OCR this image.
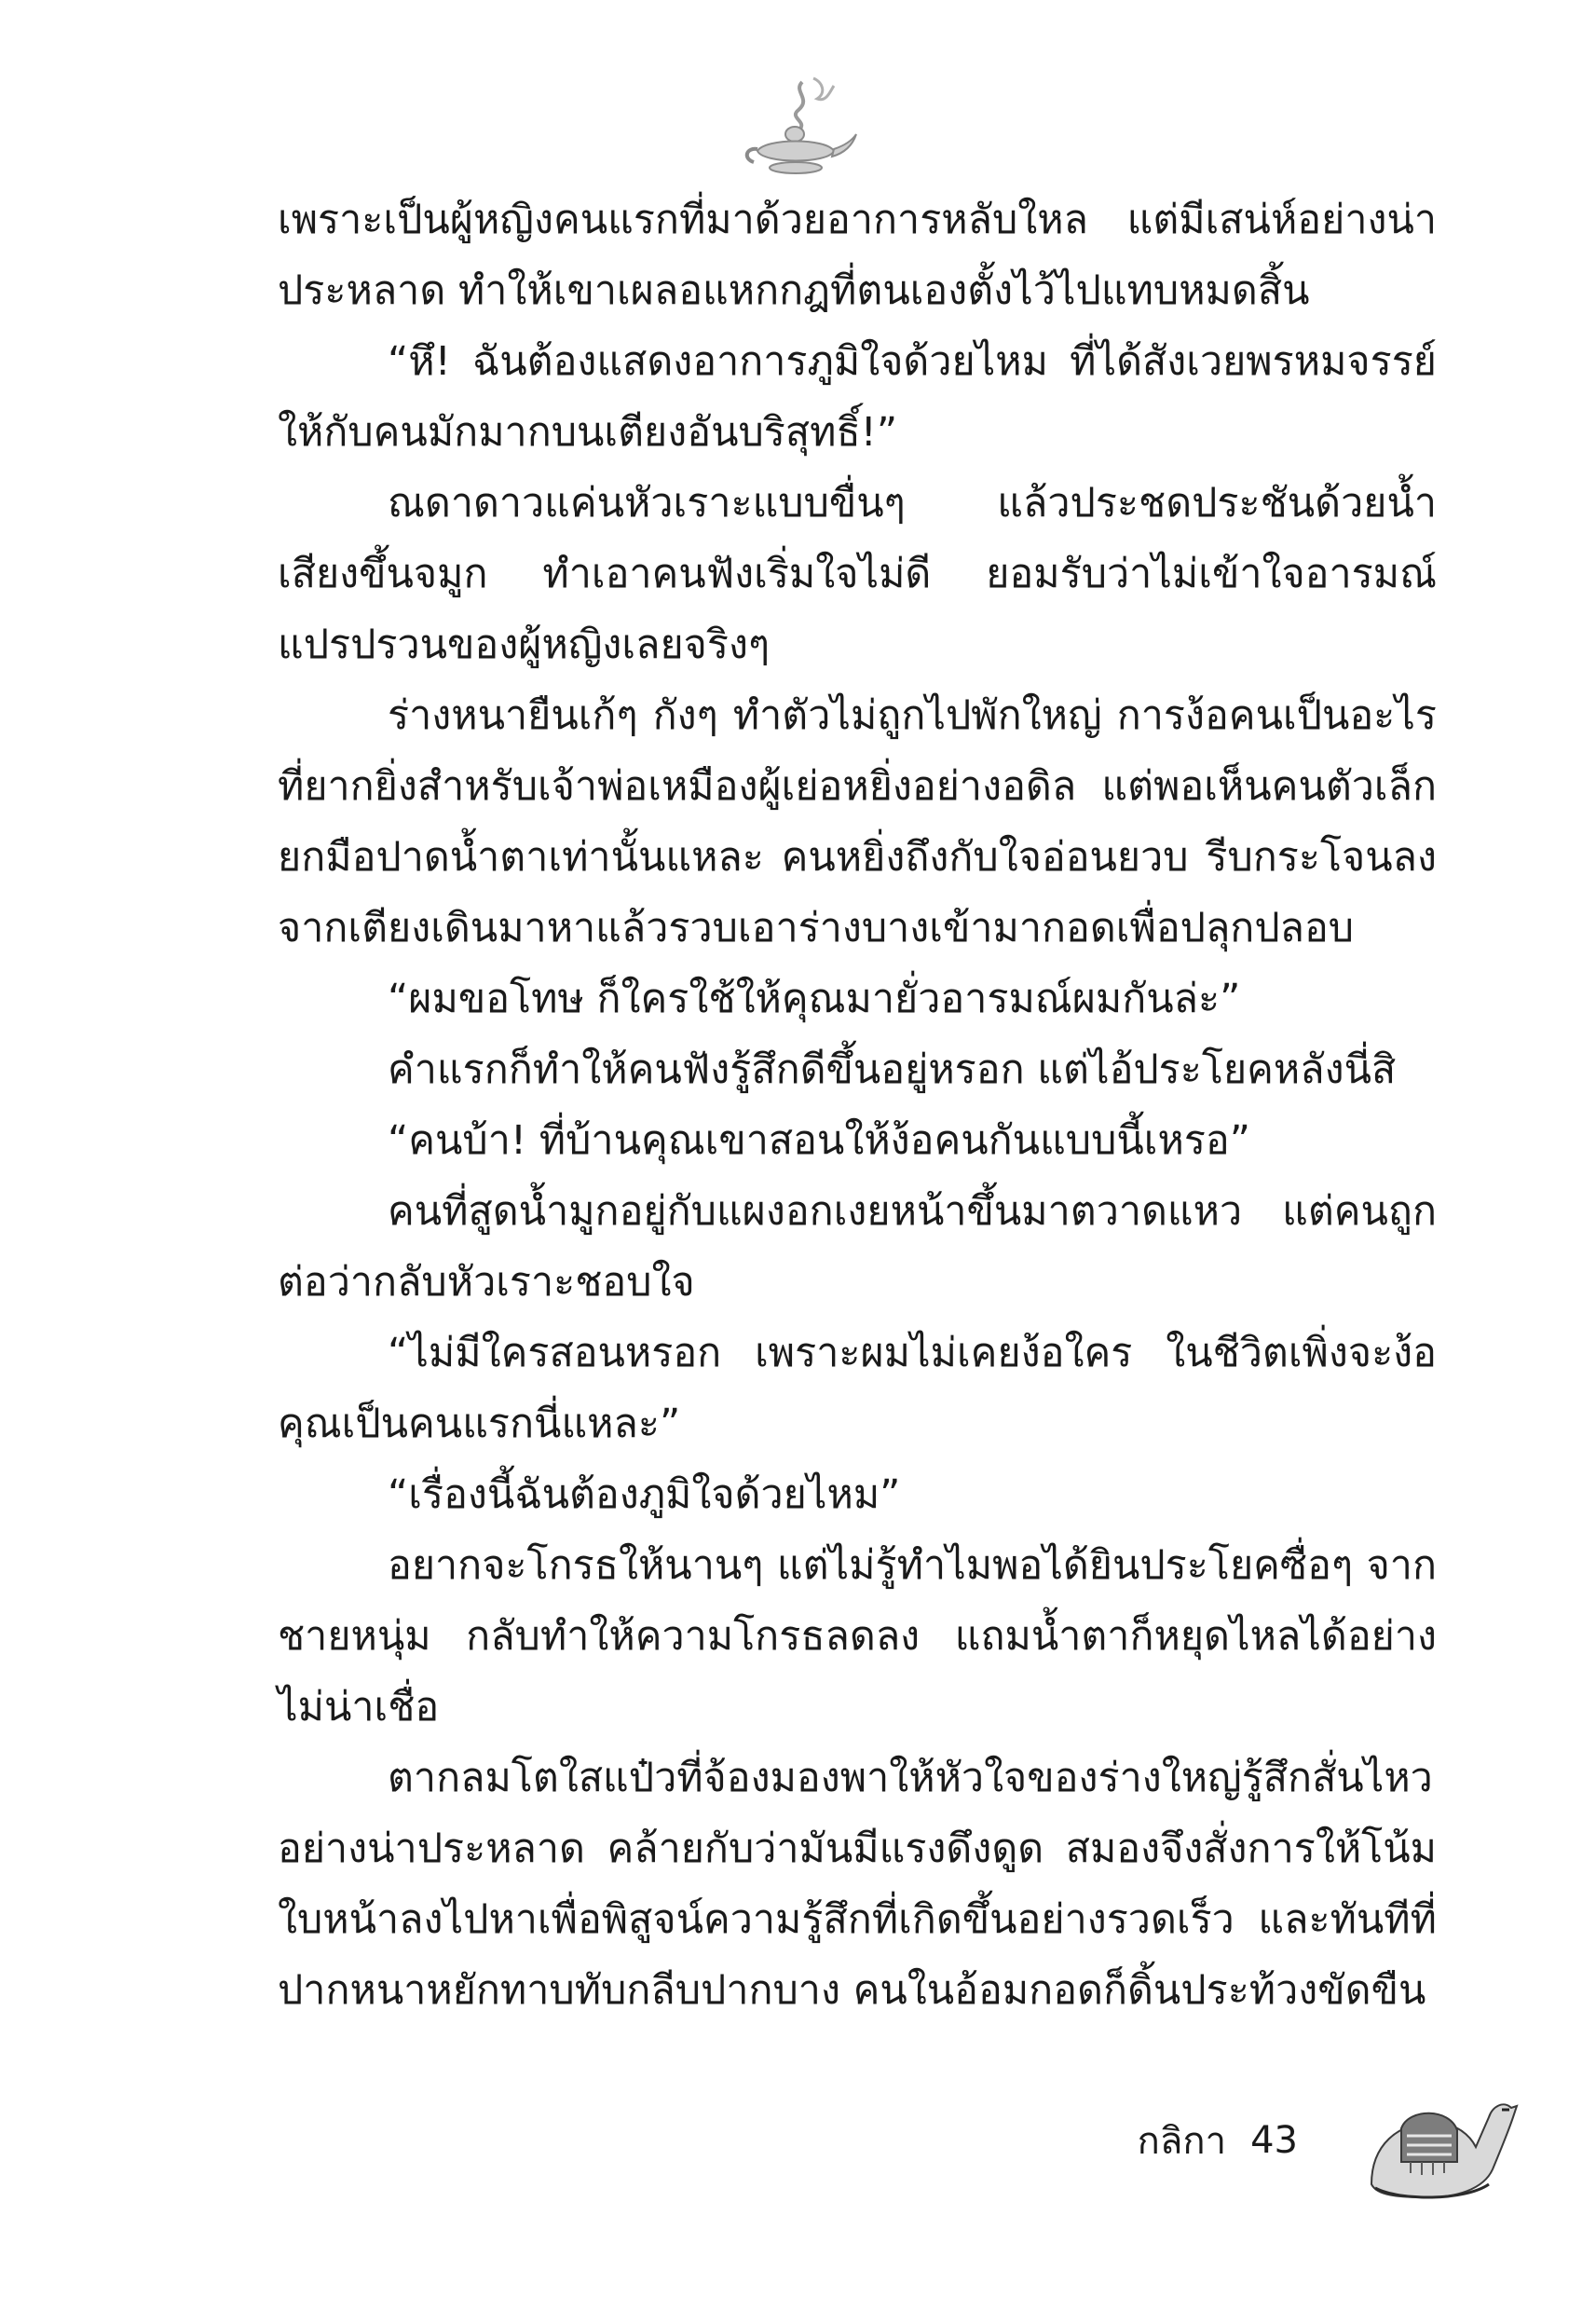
เพราะเป็นผู้หญิงคนแรกที่มาด้วยอาการหลับใหล แต่มีเสน่ห์อย่างน่าประหลาด ทำให้เขาเผลอแหกกฎที่ตนเองตั้งไว้ไปแทบหมดสิ้น

“หึ! ฉันต้องแสดงอาการภูมิใจด้วยไหม ที่ได้สังเวยพรหมจรรย์ให้กับคนมักมากบนเตียงอันบริสุทธิ์!”

ณดาดาวแค่นหัวเราะแบบขื่นๆ แล้วประชดประชันด้วยน้ำเสียงขึ้นจมูก ทำเอาคนฟังเริ่มใจไม่ดี ยอมรับว่าไม่เข้าใจอารมณ์แปรปรวนของผู้หญิงเลยจริงๆ

ร่างหนายืนเก้ๆ กังๆ ทำตัวไม่ถูกไปพักใหญ่ การง้อคนเป็นอะไรที่ยากยิ่งสำหรับเจ้าพ่อเหมืองผู้เย่อหยิ่งอย่างอดิล แต่พอเห็นคนตัวเล็กยกมือปาดน้ำตาเท่านั้นแหละ คนหยิ่งถึงกับใจอ่อนยวบ รีบกระโจนลงจากเตียงเดินมาหาแล้วรวบเอาร่างบางเข้ามากอดเพื่อปลุกปลอบ

“ผมขอโทษ ก็ใครใช้ให้คุณมายั่วอารมณ์ผมกันล่ะ”

คำแรกก็ทำให้คนฟังรู้สึกดีขึ้นอยู่หรอก แต่ไอ้ประโยคหลังนี่สิ

“คนบ้า! ที่บ้านคุณเขาสอนให้ง้อคนกันแบบนี้เหรอ”

คนที่สูดน้ำมูกอยู่กับแผงอกเงยหน้าขึ้นมาตวาดแหว แต่คนถูกต่อว่ากลับหัวเราะชอบใจ

“ไม่มีใครสอนหรอก เพราะผมไม่เคยง้อใคร ในชีวิตเพิ่งจะง้อคุณเป็นคนแรกนี่แหละ”

“เรื่องนี้ฉันต้องภูมิใจด้วยไหม”

อยากจะโกรธให้นานๆ แต่ไม่รู้ทำไมพอได้ยินประโยคซื่อๆ จากชายหนุ่ม กลับทำให้ความโกรธลดลง แถมน้ำตาก็หยุดไหลได้อย่างไม่น่าเชื่อ

ตากลมโตใสแป๋วที่จ้องมองพาให้หัวใจของร่างใหญ่รู้สึกสั่นไหวอย่างน่าประหลาด คล้ายกับว่ามันมีแรงดึงดูด สมองจึงสั่งการให้โน้มใบหน้าลงไปหาเพื่อพิสูจน์ความรู้สึกที่เกิดขึ้นอย่างรวดเร็ว และทันทีที่ปากหนาหยักทาบทับกลีบปากบาง คนในอ้อมกอดก็ดิ้นประท้วงขัดขืน

กลิกา 43
